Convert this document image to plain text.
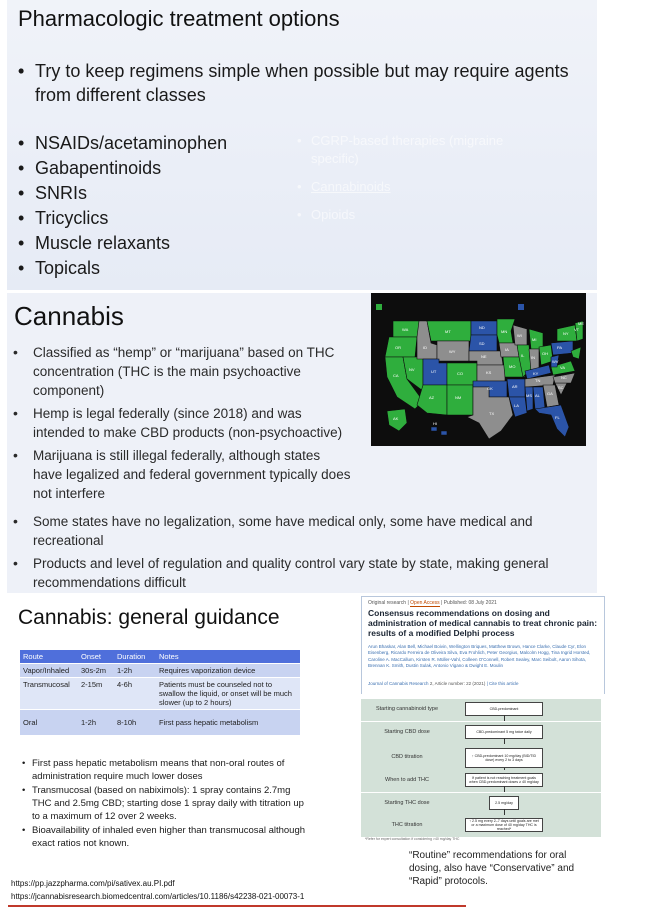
Pharmacologic treatment options
• • Try to keep regimens simple when possible but may require agents from different classes
• NSAIDs/acetaminophen
• Gabapentinoids
• SNRIs
• Tricyclics
• Muscle relaxants
• Topicals
• CGRP-based therapies (migraine specific)
• Cannabinoids
• Opioids
Cannabis
• Classified as “hemp” or “marijuana” based on THC concentration (THC is the main psychoactive component)
• Hemp is legal federally (since 2018) and was intended to make CBD products (non-psychoactive)
• Marijuana is still illegal federally, although states have legalized and federal government typically does not interfere
• Some states have no legalization, some have medical only, some have medical and recreational
• Products and level of regulation and quality control vary state by state, making general recommendations difficult
WA	MT
ND
MN
WI
MI
OR	ID
WY
SD
NE
IA
IL IN
OH
PA
NY
VT
ME
NV	UT	CO	KS
MO
KY
WV
VA
CA
AZ	NM
OK	AR
TN
NC
TX
LA
MS AL GA
SC
FL
AK
HI
Cannabis: general guidance
Route	Onset	Duration	Notes
Vapor/Inhaled	30s-2m	1-2h	Requires vaporization device
Transmucosal	2-15m	4-6h	Patients must be counseled not to swallow the liquid, or onset will be much slower (up to 2 hours)
Oral	1-2h	8-10h	First pass hepatic metabolism
• First pass hepatic metabolism means that non-oral routes of administration require much lower doses
• Transmucosal (based on nabiximols): 1 spray contains 2.7mg THC and 2.5mg CBD; starting dose 1 spray daily with titration up to a maximum of 12 over 2 weeks.
• Bioavailability of inhaled even higher than transmucosal although exact ratios not known.
Original research | Open Access | Published: 08 July 2021
Consensus recommendations on dosing and administration of medical cannabis to treat chronic pain: results of a modified Delphi process
Arun Bhaskar, Alan Bell, Michael Boivin, Wellington Briques, Matthew Brown, Hance Clarke, Claude Cyr, Elon Eisenberg, Ricardo Ferreira de Oliveira Silva, Eva Frohlich, Peter Georgius, Malcolm Hogg, Tina Ingrid Horsted, Caroline A. MacCallum, Kirsten R. Müller-Vahl, Colleen O'Connell, Robert Sealey, Marc Seibolt, Aaron Sihota, Brennan K. Smith, Dustin Sulak, Antonio Vigano & Dwight E. Moulin
Journal of Cannabis Research 2, Article number: 22 (2021) | Cite this article
Starting cannabinoid type	CBD-predominant
Starting CBD dose	CBD-predominant 5 mg twice daily
CBD titration	↑ CBD-predominant 10 mg/day (BID/TID dose) every 2 to 3 days
When to add THC	If patient is not reaching treatment goals when CBD-predominant doses ≥ 40 mg/day
Starting THC dose	2.5 mg/day
THC titration
↑ 2.5 mg every 2–7 days until goals are met or a maximum dose of 40 mg/day THC is reached*
*Refer for expert consultation if considering >40 mg/day THC
“Routine” recommendations for oral dosing, also have “Conservative” and “Rapid” protocols.
https://pp.jazzpharma.com/pi/sativex.au.PI.pdf
https://jcannabisresearch.biomedcentral.com/articles/10.1186/s42238-021-00073-1
